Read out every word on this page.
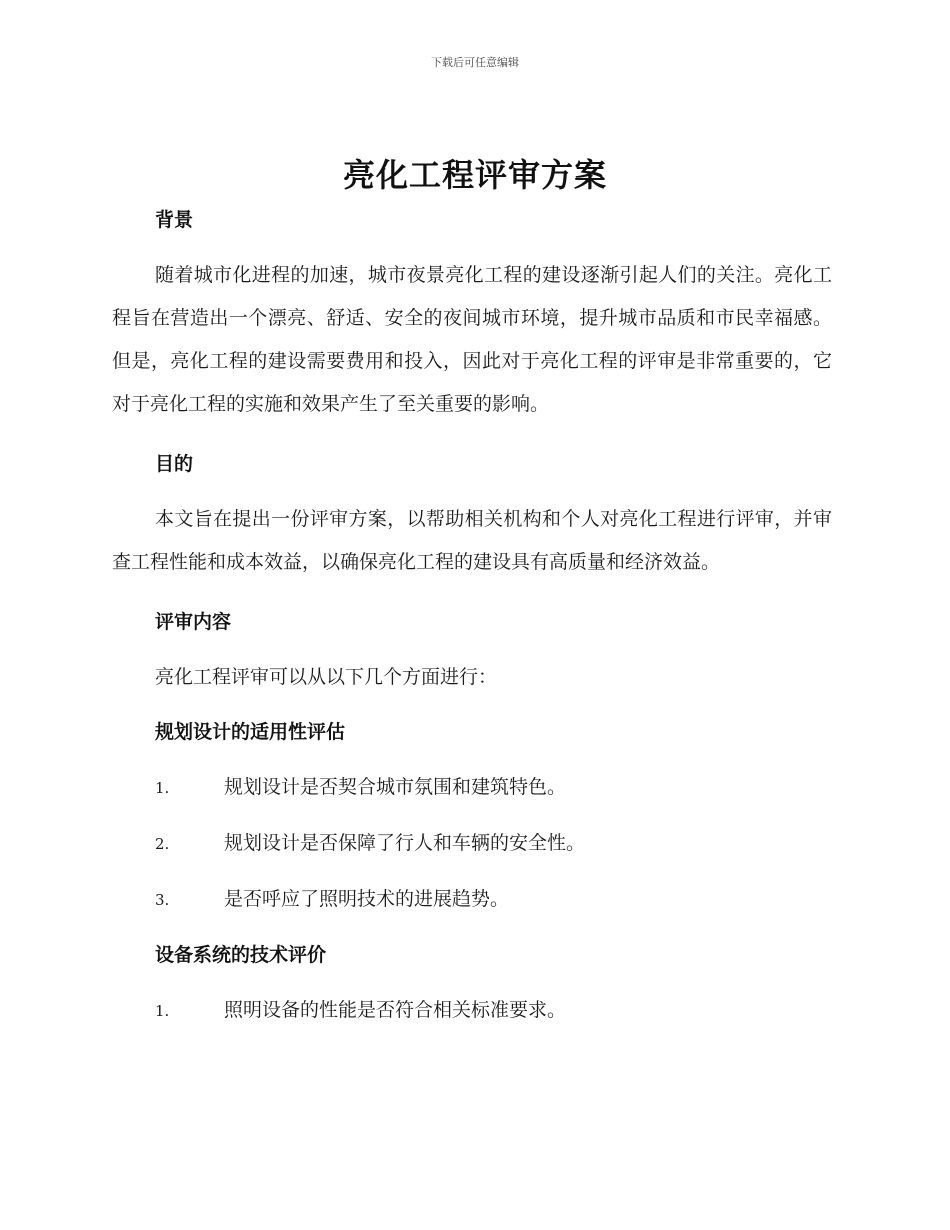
下载后可任意编辑
亮化工程评审方案

背景

随着城市化进程的加速，城市夜景亮化工程的建设逐渐引起人们的关注。亮化工程旨在营造出一个漂亮、舒适、安全的夜间城市环境，提升城市品质和市民幸福感。但是，亮化工程的建设需要费用和投入，因此对于亮化工程的评审是非常重要的，它对于亮化工程的实施和效果产生了至关重要的影响。

目的

本文旨在提出一份评审方案，以帮助相关机构和个人对亮化工程进行评审，并审查工程性能和成本效益，以确保亮化工程的建设具有高质量和经济效益。

评审内容

亮化工程评审可以从以下几个方面进行：

规划设计的适用性评估

1.	规划设计是否契合城市氛围和建筑特色。
2.	规划设计是否保障了行人和车辆的安全性。
3.	是否呼应了照明技术的进展趋势。

设备系统的技术评价

1.	照明设备的性能是否符合相关标准要求。
